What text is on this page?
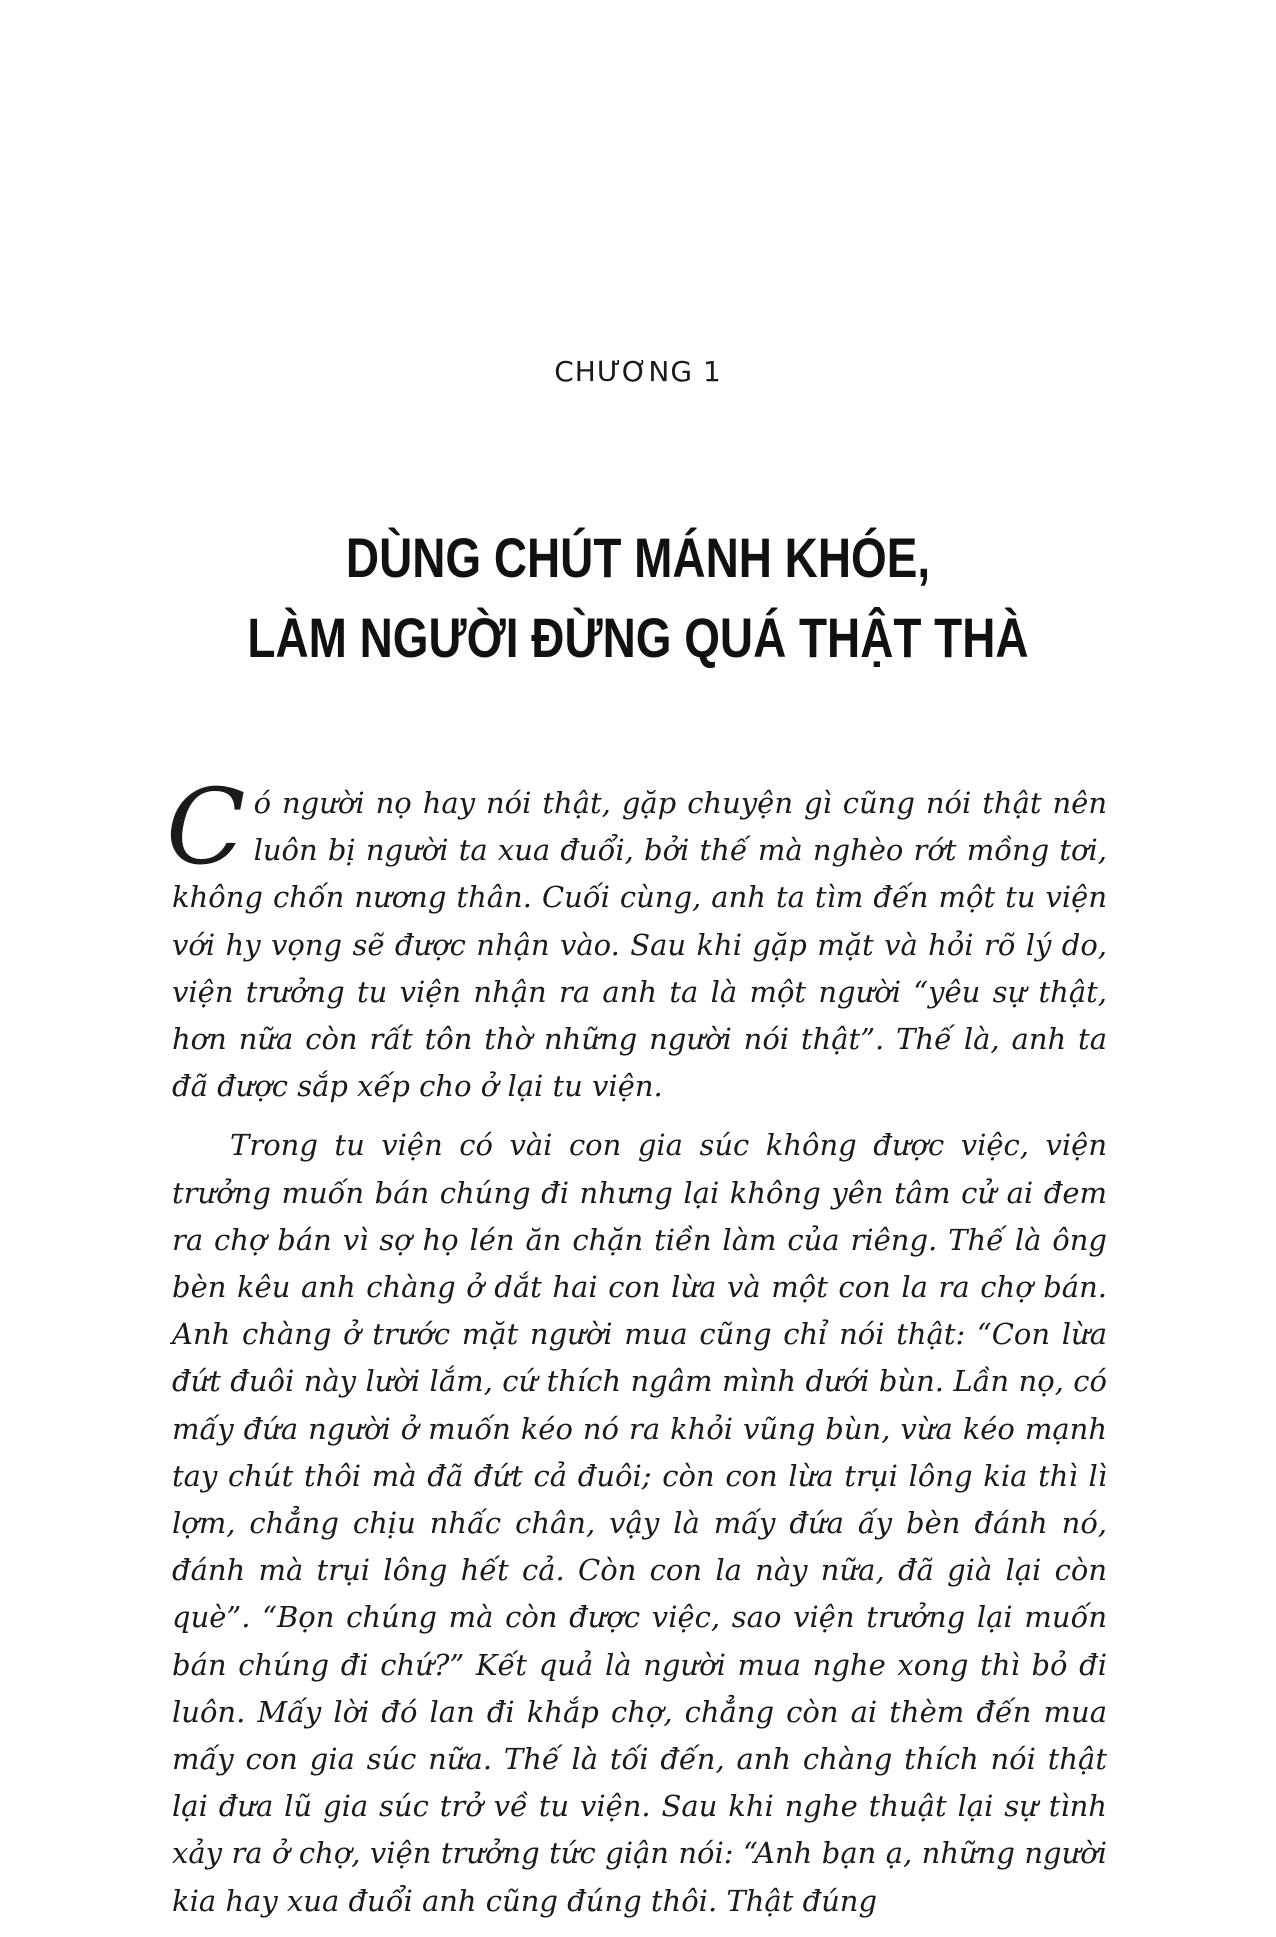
CHƯƠNG 1
DÙNG CHÚT MÁNH KHÓE,
LÀM NGƯỜI ĐỪNG QUÁ THẬT THÀ

Có người nọ hay nói thật, gặp chuyện gì cũng nói thật nên luôn bị người ta xua đuổi, bởi thế mà nghèo rớt mồng tơi, không chốn nương thân. Cuối cùng, anh ta tìm đến một tu viện với hy vọng sẽ được nhận vào. Sau khi gặp mặt và hỏi rõ lý do, viện trưởng tu viện nhận ra anh ta là một người “yêu sự thật, hơn nữa còn rất tôn thờ những người nói thật”. Thế là, anh ta đã được sắp xếp cho ở lại tu viện.

Trong tu viện có vài con gia súc không được việc, viện trưởng muốn bán chúng đi nhưng lại không yên tâm cử ai đem ra chợ bán vì sợ họ lén ăn chặn tiền làm của riêng. Thế là ông bèn kêu anh chàng ở dắt hai con lừa và một con la ra chợ bán. Anh chàng ở trước mặt người mua cũng chỉ nói thật: “Con lừa đứt đuôi này lười lắm, cứ thích ngâm mình dưới bùn. Lần nọ, có mấy đứa người ở muốn kéo nó ra khỏi vũng bùn, vừa kéo mạnh tay chút thôi mà đã đứt cả đuôi; còn con lừa trụi lông kia thì lì lợm, chẳng chịu nhấc chân, vậy là mấy đứa ấy bèn đánh nó, đánh mà trụi lông hết cả. Còn con la này nữa, đã già lại còn què”. “Bọn chúng mà còn được việc, sao viện trưởng lại muốn bán chúng đi chứ?” Kết quả là người mua nghe xong thì bỏ đi luôn. Mấy lời đó lan đi khắp chợ, chẳng còn ai thèm đến mua mấy con gia súc nữa. Thế là tối đến, anh chàng thích nói thật lại đưa lũ gia súc trở về tu viện. Sau khi nghe thuật lại sự tình xảy ra ở chợ, viện trưởng tức giận nói: “Anh bạn ạ, những người kia hay xua đuổi anh cũng đúng thôi. Thật đúng
